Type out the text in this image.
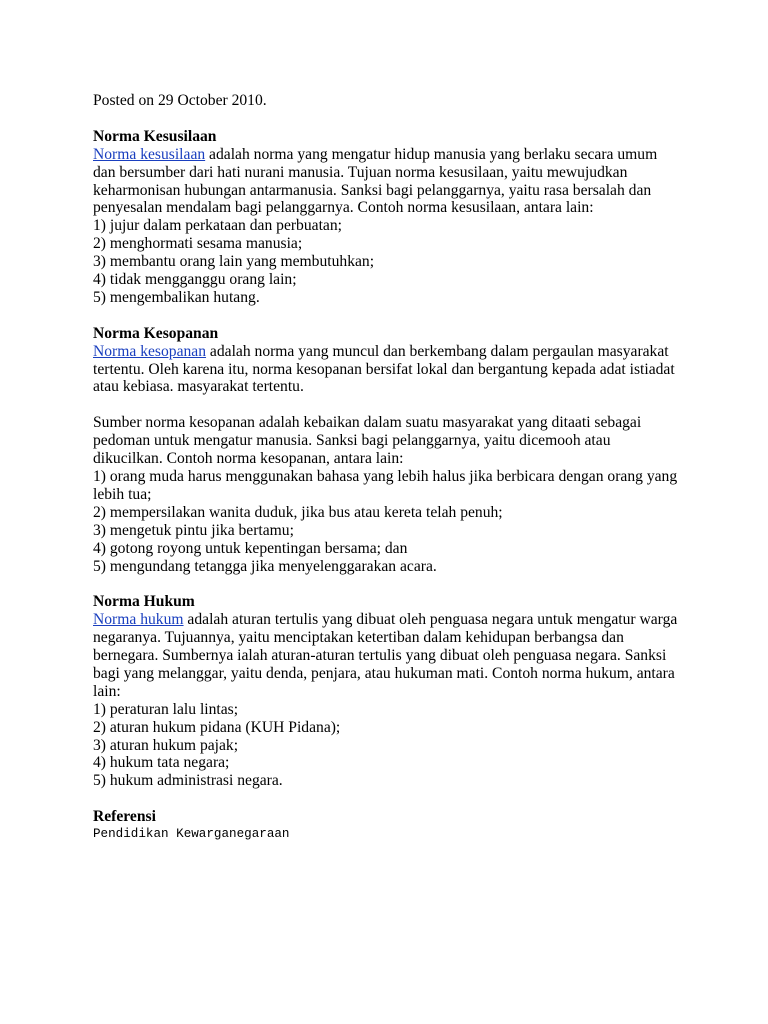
Posted on 29 October 2010.

Norma Kesusilaan

Norma kesusilaan adalah norma yang mengatur hidup manusia yang berlaku secara umum dan bersumber dari hati nurani manusia. Tujuan norma kesusilaan, yaitu mewujudkan keharmonisan hubungan antarmanusia. Sanksi bagi pelanggarnya, yaitu rasa bersalah dan penyesalan mendalam bagi pelanggarnya. Contoh norma kesusilaan, antara lain:

1) jujur dalam perkataan dan perbuatan;
2) menghormati sesama manusia;
3) membantu orang lain yang membutuhkan;
4) tidak mengganggu orang lain;
5) mengembalikan hutang.
Norma Kesopanan

Norma kesopanan adalah norma yang muncul dan berkembang dalam pergaulan masyarakat tertentu. Oleh karena itu, norma kesopanan bersifat lokal dan bergantung kepada adat istiadat atau kebiasa. masyarakat tertentu.

Sumber norma kesopanan adalah kebaikan dalam suatu masyarakat yang ditaati sebagai pedoman untuk mengatur manusia. Sanksi bagi pelanggarnya, yaitu dicemooh atau dikucilkan. Contoh norma kesopanan, antara lain:

1) orang muda harus menggunakan bahasa yang lebih halus jika berbicara dengan orang yang lebih tua;
2) mempersilakan wanita duduk, jika bus atau kereta telah penuh;
3) mengetuk pintu jika bertamu;
4) gotong royong untuk kepentingan bersama; dan
5) mengundang tetangga jika menyelenggarakan acara.
Norma Hukum

Norma hukum adalah aturan tertulis yang dibuat oleh penguasa negara untuk mengatur warga negaranya. Tujuannya, yaitu menciptakan ketertiban dalam kehidupan berbangsa dan bernegara. Sumbernya ialah aturan-aturan tertulis yang dibuat oleh penguasa negara. Sanksi bagi yang melanggar, yaitu denda, penjara, atau hukuman mati. Contoh norma hukum, antara lain:

1) peraturan lalu lintas;
2) aturan hukum pidana (KUH Pidana);
3) aturan hukum pajak;
4) hukum tata negara;
5) hukum administrasi negara.
Referensi
Pendidikan Kewarganegaraan
